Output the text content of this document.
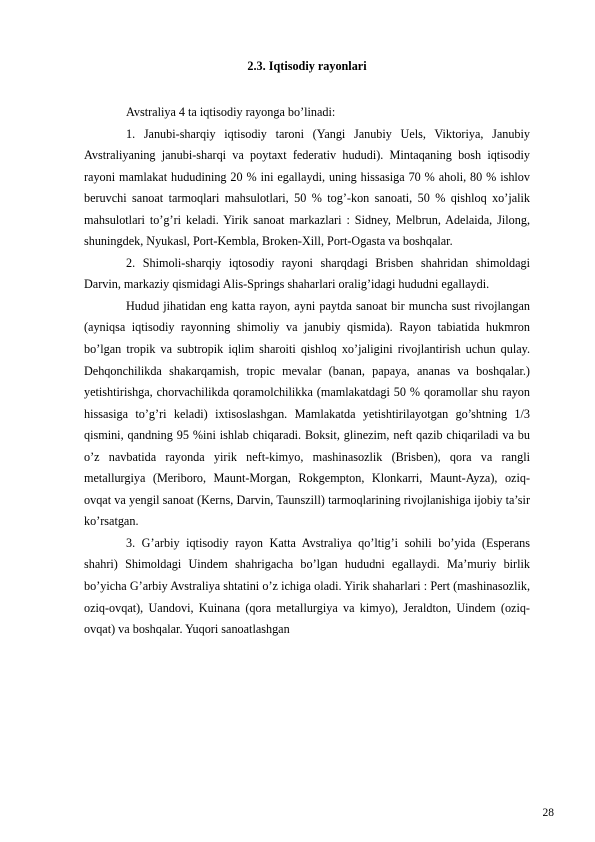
2.3. Iqtisodiy rayonlari

Avstraliya 4 ta iqtisodiy rayonga bo’linadi:

1. Janubi-sharqiy iqtisodiy taroni (Yangi Janubiy Uels, Viktoriya, Janubiy Avstraliyaning janubi-sharqi va poytaxt federativ hududi). Mintaqaning bosh iqtisodiy rayoni mamlakat hududining 20 % ini egallaydi, uning hissasiga 70 % aholi, 80 % ishlov beruvchi sanoat tarmoqlari mahsulotlari, 50 % tog’-kon sanoati, 50 % qishloq xo’jalik mahsulotlari to’g’ri keladi. Yirik sanoat markazlari : Sidney, Melbrun, Adelaida, Jilong, shuningdek, Nyukasl, Port-Kembla, Broken-Xill, Port-Ogasta va boshqalar.

2. Shimoli-sharqiy iqtosodiy rayoni sharqdagi Brisben shahridan shimoldagi Darvin, markaziy qismidagi Alis-Springs shaharlari oralig’idagi hududni egallaydi.

Hudud jihatidan eng katta rayon, ayni paytda sanoat bir muncha sust rivojlangan (ayniqsa iqtisodiy rayonning shimoliy va janubiy qismida). Rayon tabiatida hukmron bo’lgan tropik va subtropik iqlim sharoiti qishloq xo’jaligini rivojlantirish uchun qulay. Dehqonchilikda shakarqamish, tropic mevalar (banan, papaya, ananas va boshqalar.) yetishtirishga, chorvachilikda qoramolchilikka (mamlakatdagi 50 % qoramollar shu rayon hissasiga to’g’ri keladi) ixtisoslashgan. Mamlakatda yetishtirilayotgan go’shtning 1/3 qismini, qandning 95 %ini ishlab chiqaradi. Boksit, glinezim, neft qazib chiqariladi va bu o’z navbatida rayonda yirik neft-kimyo, mashinasozlik (Brisben), qora va rangli metallurgiya (Meriboro, Maunt-Morgan, Rokgempton, Klonkarri, Maunt-Ayza), oziq-ovqat va yengil sanoat (Kerns, Darvin, Taunszill) tarmoqlarining rivojlanishiga ijobiy ta’sir ko’rsatgan.

3. G’arbiy iqtisodiy rayon Katta Avstraliya qo’ltig’i sohili bo’yida (Esperans shahri) Shimoldagi Uindem shahrigacha bo’lgan hududni egallaydi. Ma’muriy birlik bo’yicha G’arbiy Avstraliya shtatini o’z ichiga oladi. Yirik shaharlari : Pert (mashinasozlik, oziq-ovqat), Uandovi, Kuinana (qora metallurgiya va kimyo), Jeraldton, Uindem (oziq-ovqat) va boshqalar. Yuqori sanoatlashgan

28
